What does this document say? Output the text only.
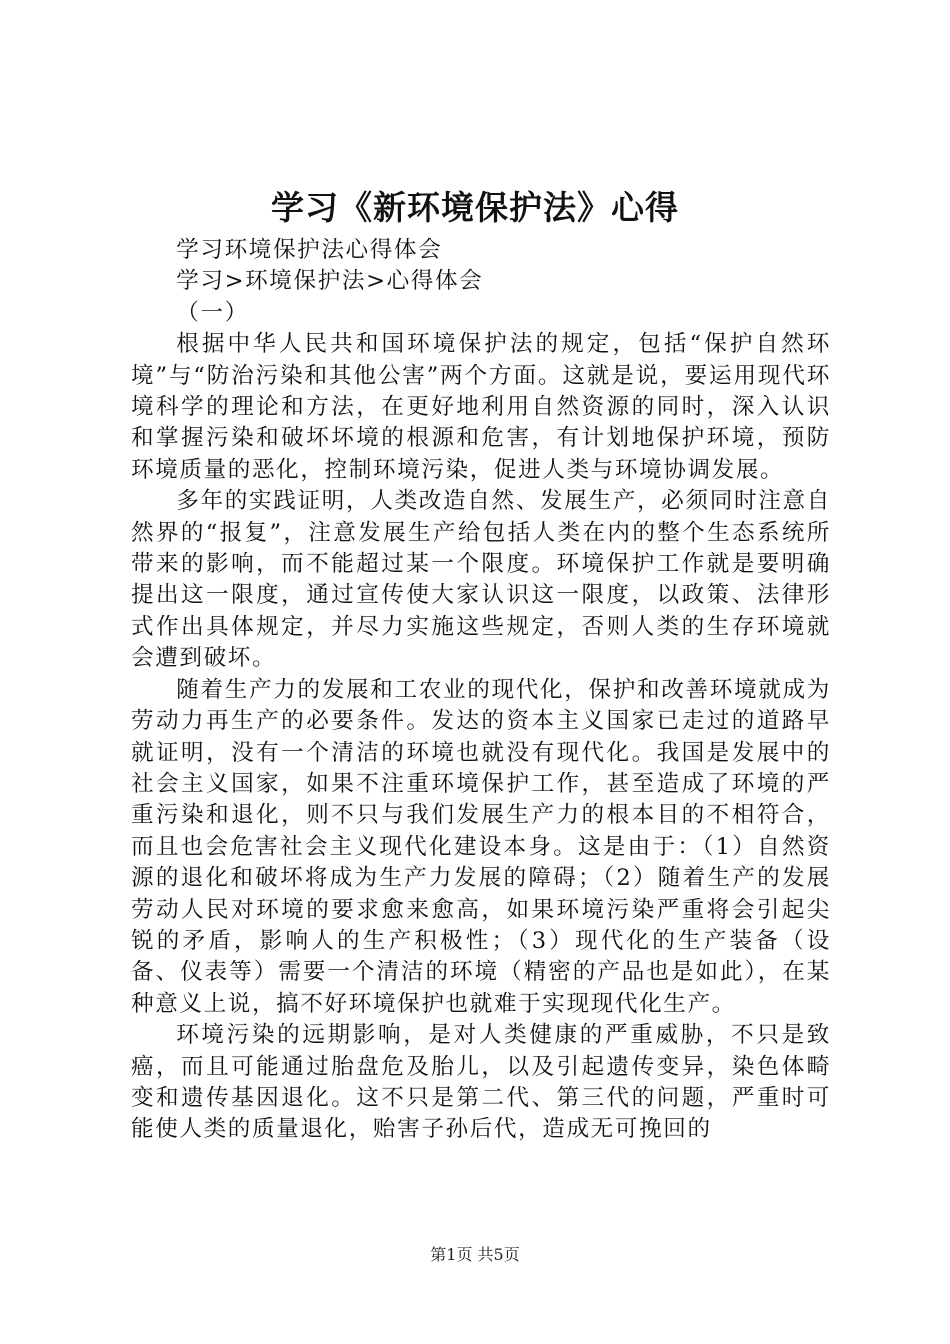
学习《新环境保护法》心得

学习环境保护法心得体会

学习>环境保护法>心得体会

（一）

根据中华人民共和国环境保护法的规定，包括“保护自然环境”与“防治污染和其他公害”两个方面。这就是说，要运用现代环境科学的理论和方法，在更好地利用自然资源的同时，深入认识和掌握污染和破坏坏境的根源和危害，有计划地保护环境，预防环境质量的恶化，控制环境污染，促进人类与环境协调发展。

多年的实践证明，人类改造自然、发展生产，必须同时注意自然界的“报复”，注意发展生产给包括人类在内的整个生态系统所带来的影响，而不能超过某一个限度。环境保护工作就是要明确提出这一限度，通过宣传使大家认识这一限度，以政策、法律形式作出具体规定，并尽力实施这些规定，否则人类的生存环境就会遭到破坏。

随着生产力的发展和工农业的现代化，保护和改善环境就成为劳动力再生产的必要条件。发达的资本主义国家已走过的道路早就证明，没有一个清洁的环境也就没有现代化。我国是发展中的社会主义国家，如果不注重环境保护工作，甚至造成了环境的严重污染和退化，则不只与我们发展生产力的根本目的不相符合，而且也会危害社会主义现代化建设本身。这是由于：（1）自然资源的退化和破坏将成为生产力发展的障碍；（2）随着生产的发展劳动人民对环境的要求愈来愈高，如果环境污染严重将会引起尖锐的矛盾，影响人的生产积极性；（3）现代化的生产装备（设备、仪表等）需要一个清洁的环境（精密的产品也是如此），在某种意义上说，搞不好环境保护也就难于实现现代化生产。

环境污染的远期影响，是对人类健康的严重威胁，不只是致癌，而且可能通过胎盘危及胎儿，以及引起遗传变异，染色体畸变和遗传基因退化。这不只是第二代、第三代的问题，严重时可能使人类的质量退化，贻害子孙后代，造成无可挽回的

第1页 共5页
